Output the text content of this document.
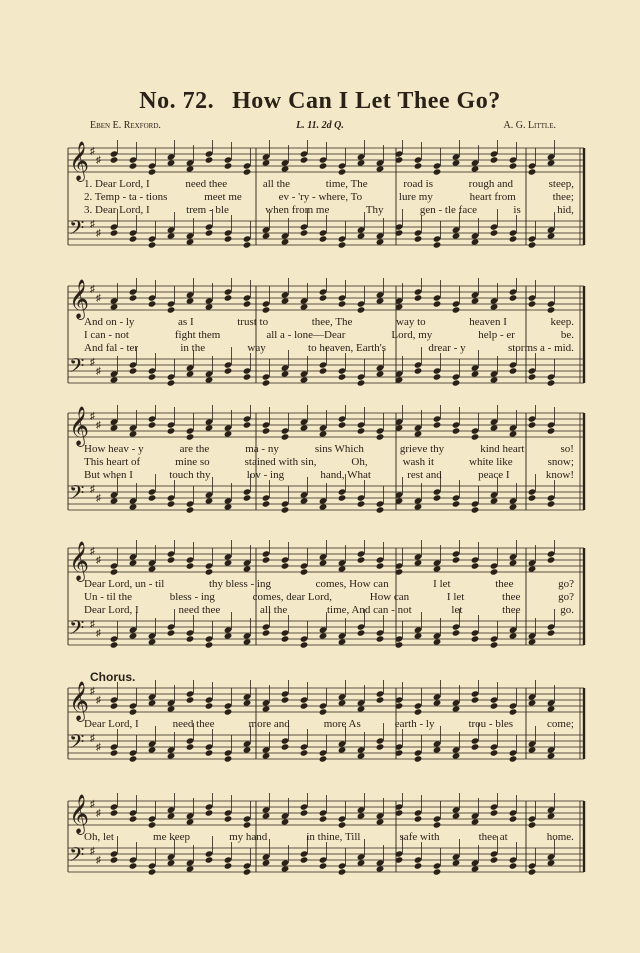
No. 72. How Can I Let Thee Go?
Eben E. Rexford.	L. 11. 2d Q.	A. G. Little.
Chorus.
𝄞 ♯
♯
𝄢 ♯
♯
1. Dear Lord, I	need thee	all the	time, The	road is	rough and	steep,
2. Temp - ta - tions	meet me	ev - 'ry - where, To	lure my	heart from	thee;
3. Dear Lord, I	trem - ble	when from me	Thy	gen - tle face	is	hid,
𝄞 ♯
♯
𝄢 ♯
♯
And on - ly	as I	trust to	thee, The	way to	heaven I	keep.
I can - not	fight them	all a - lone—Dear	Lord, my	help - er	be.
And fal - ter	in the	way	to heaven, Earth's	drear - y	storms a - mid.
𝄞 ♯
♯
𝄢 ♯
♯
How heav - y	are the	ma - ny	sins Which	grieve thy	kind heart	so!
This heart of	mine so	stained with sin,	Oh,	wash it	white like	snow;
But when I	touch thy	lov - ing	hand, What	rest and	peace I	know!
𝄞 ♯
♯
𝄢 ♯
♯
Dear Lord, un - til	thy bless - ing	comes, How can	I let	thee	go?
Un - til the	bless - ing	comes, dear Lord,	How can	I let	thee	go?
Dear Lord, I	need thee	all the	time, And can - not	let	thee	go.
𝄞 ♯
♯
𝄢 ♯
♯
Dear Lord, I	need thee	more and	more As	earth - ly	trou - bles	come;
𝄞 ♯
♯
𝄢 ♯
♯
Oh, let	me keep	my hand	in thine, Till	safe with	thee at	home.
